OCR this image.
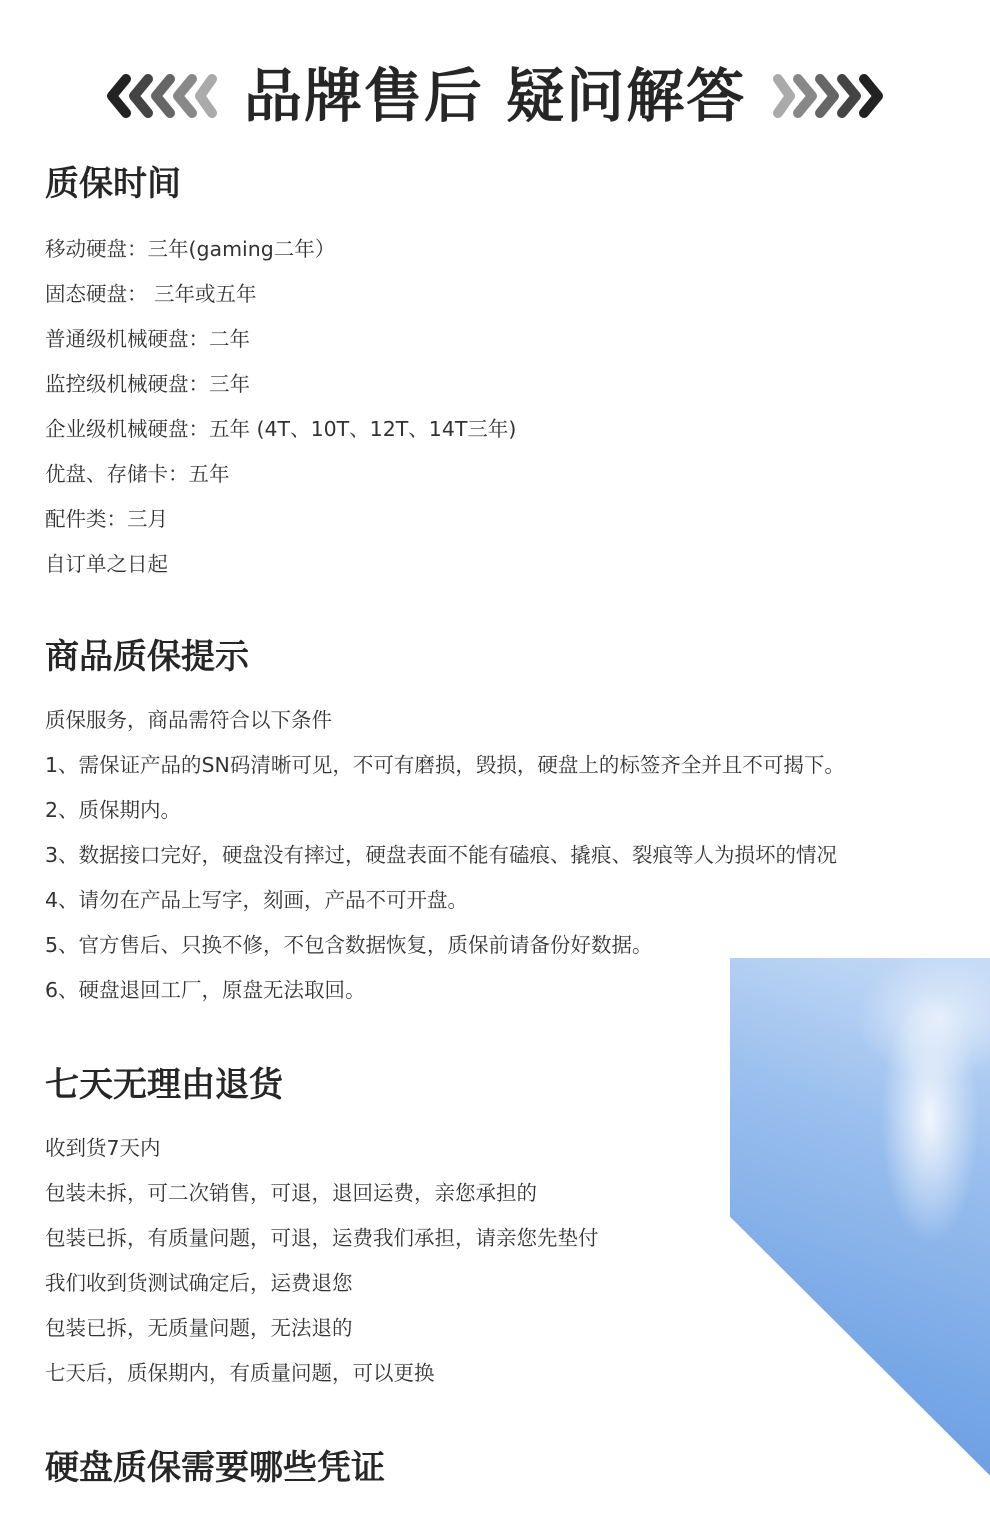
品牌售后 疑问解答
质保时间

移动硬盘：三年(gaming二年）

固态硬盘： 三年或五年

普通级机械硬盘：二年

监控级机械硬盘：三年

企业级机械硬盘：五年 (4T、10T、12T、14T三年)

优盘、存储卡：五年

配件类：三月

自订单之日起

商品质保提示

质保服务，商品需符合以下条件

1、需保证产品的SN码清晰可见，不可有磨损，毁损，硬盘上的标签齐全并且不可揭下。

2、质保期内。

3、数据接口完好，硬盘没有摔过，硬盘表面不能有磕痕、撬痕、裂痕等人为损坏的情况

4、请勿在产品上写字，刻画，产品不可开盘。

5、官方售后、只换不修，不包含数据恢复，质保前请备份好数据。

6、硬盘退回工厂，原盘无法取回。

七天无理由退货

收到货7天内

包装未拆，可二次销售，可退，退回运费，亲您承担的

包装已拆，有质量问题，可退，运费我们承担，请亲您先垫付

我们收到货测试确定后，运费退您

包装已拆，无质量问题，无法退的

七天后，质保期内，有质量问题，可以更换

硬盘质保需要哪些凭证
